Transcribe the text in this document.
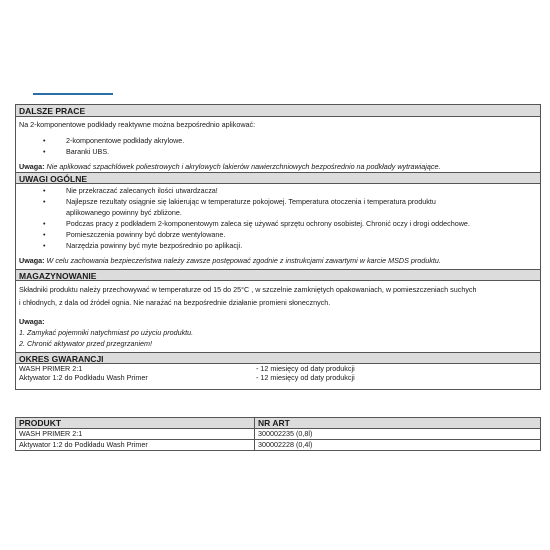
DALSZE PRACE
Na 2-komponentowe podkłady reaktywne można bezpośrednio aplikować:
•	2-komponentowe podkłady akrylowe.
•	Baranki UBS.
Uwaga: Nie aplikować szpachlówek poliestrowych i akrylowych lakierów nawierzchniowych bezpośrednio na podkłady wytrawiające.
UWAGI OGÓLNE
•	Nie przekraczać zalecanych ilości utwardzacza!
•	Najlepsze rezultaty osiągnie się lakierując w temperaturze pokojowej. Temperatura otoczenia i temperatura produktu
aplikowanego powinny być zbliżone.
•	Podczas pracy z podkładem 2-komponentowym zaleca się używać sprzętu ochrony osobistej. Chronić oczy i drogi oddechowe.
•	Pomieszczenia powinny być dobrze wentylowane.
•	Narzędzia powinny być myte bezpośrednio po aplikacji.
Uwaga: W celu zachowania bezpieczeństwa należy zawsze postępować zgodnie z instrukcjami zawartymi w karcie MSDS produktu.
MAGAZYNOWANIE
Składniki produktu należy przechowywać w temperaturze od 15 do 25°C , w szczelnie zamkniętych opakowaniach, w pomieszczeniach suchych
i chłodnych, z dala od źródeł ognia. Nie narażać na bezpośrednie działanie promieni słonecznych.
Uwaga:
1. Zamykać pojemniki natychmiast po użyciu produktu.
2. Chronić aktywator przed przegrzaniem!
OKRES GWARANCJI
WASH PRIMER 2:1	- 12 miesięcy od daty produkcji
Aktywator 1:2 do Podkładu Wash Primer	- 12 miesięcy od daty produkcji
PRODUKT	NR ART
WASH PRIMER 2:1	300002235 (0,8l)
Aktywator 1:2 do Podkładu Wash Primer	300002228 (0,4l)
